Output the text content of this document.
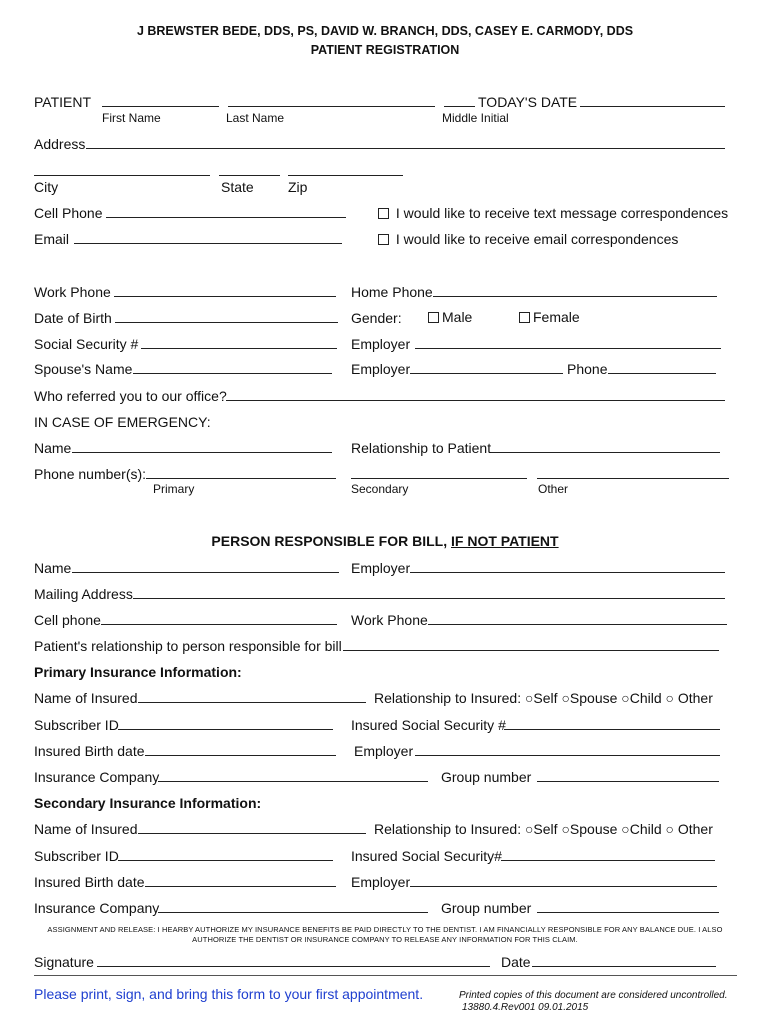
J BREWSTER BEDE, DDS, PS, DAVID W. BRANCH, DDS, CASEY E. CARMODY, DDS
PATIENT REGISTRATION
PATIENT	TODAY'S DATE
First Name	Last Name	Middle Initial
Address
City	State Zip
Cell Phone	I would like to receive text message correspondences
Email	I would like to receive email correspondences
Work Phone	Home Phone
Date of Birth	Gender:	Male	Female
Social Security #	Employer
Spouse's Name	Employer	Phone
Who referred you to our office?
IN CASE OF EMERGENCY:
Name	Relationship to Patient
Phone number(s):
Primary	Secondary	Other
PERSON RESPONSIBLE FOR BILL, IF NOT PATIENT
Name	Employer
Mailing Address
Cell phone	Work Phone
Patient's relationship to person responsible for bill
Primary Insurance Information:
Name of Insured	Relationship to Insured: ○Self ○Spouse ○Child ○ Other
Subscriber ID	Insured Social Security #
Insured Birth date	Employer
Insurance Company	Group number
Secondary Insurance Information:
Name of Insured	Relationship to Insured: ○Self ○Spouse ○Child ○ Other
Subscriber ID	Insured Social Security#
Insured Birth date	Employer
Insurance Company	Group number
ASSIGNMENT AND RELEASE: I HEARBY AUTHORIZE MY INSURANCE BENEFITS BE PAID DIRECTLY TO THE DENTIST. I AM FINANCIALLY RESPONSIBLE FOR ANY BALANCE DUE. I ALSO
AUTHORIZE THE DENTIST OR INSURANCE COMPANY TO RELEASE ANY INFORMATION FOR THIS CLAIM.
Signature	Date
Please print, sign, and bring this form to your first appointment.	Printed copies of this document are considered uncontrolled.
13880.4.Rev001 09.01.2015
